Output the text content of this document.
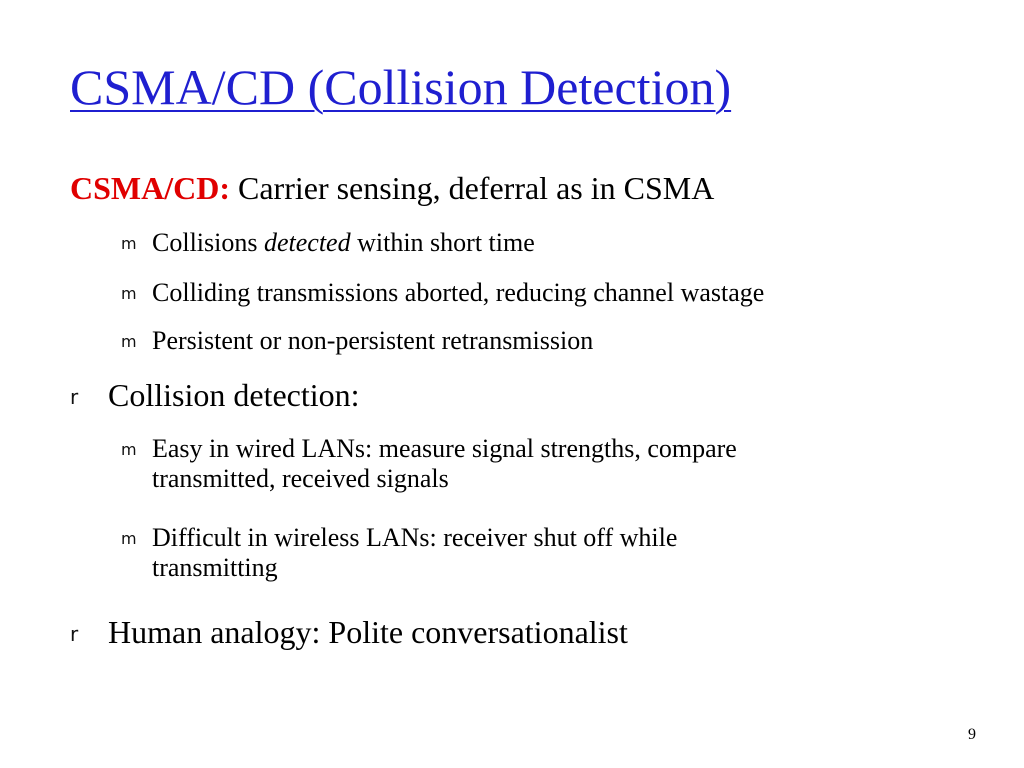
CSMA/CD (Collision Detection)
CSMA/CD: Carrier sensing, deferral as in CSMA
m Collisions detected within short time
m Colliding transmissions aborted, reducing channel wastage
m Persistent or non-persistent retransmission
r Collision detection:
m Easy in wired LANs: measure signal strengths, compare
transmitted, received signals
m Difficult in wireless LANs: receiver shut off while
transmitting
r Human analogy: Polite conversationalist
9
